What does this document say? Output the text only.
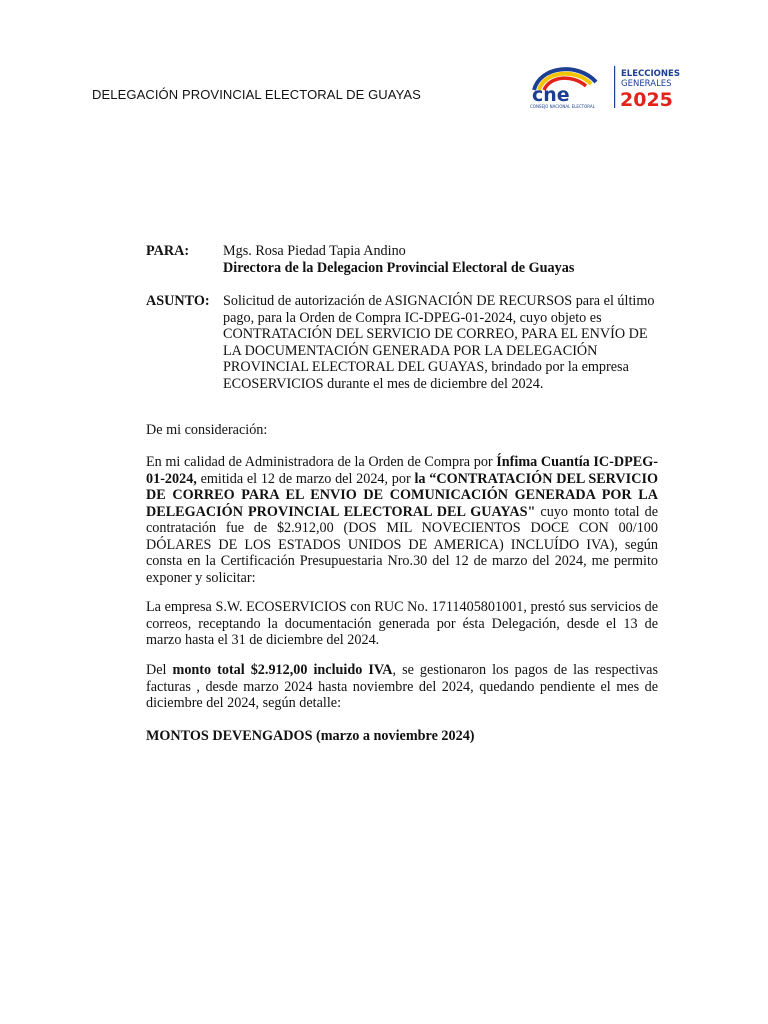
DELEGACIÓN PROVINCIAL ELECTORAL DE GUAYAS	cne
CONSEJO NACIONAL ELECTORAL
ELECCIONES
GENERALES
2025
PARA: Mgs. Rosa Piedad Tapia Andino
Directora de la Delegacion Provincial Electoral de Guayas
ASUNTO: Solicitud de autorización de ASIGNACIÓN DE RECURSOS para el último
pago, para la Orden de Compra IC-DPEG-01-2024, cuyo objeto es
CONTRATACIÓN DEL SERVICIO DE CORREO, PARA EL ENVÍO DE
LA DOCUMENTACIÓN GENERADA POR LA DELEGACIÓN
PROVINCIAL ELECTORAL DEL GUAYAS, brindado por la empresa
ECOSERVICIOS durante el mes de diciembre del 2024.
De mi consideración:
En mi calidad de Administradora de la Orden de Compra por Ínfima Cuantía IC-DPEG-01-2024, emitida el 12 de marzo del 2024, por la “CONTRATACIÓN DEL SERVICIO DE CORREO PARA EL ENVIO DE COMUNICACIÓN GENERADA POR LA DELEGACIÓN PROVINCIAL ELECTORAL DEL GUAYAS" cuyo monto total de contratación fue de $2.912,00 (DOS MIL NOVECIENTOS DOCE CON 00/100 DÓLARES DE LOS ESTADOS UNIDOS DE AMERICA) INCLUÍDO IVA), según consta en la Certificación Presupuestaria Nro.30 del 12 de marzo del 2024, me permito exponer y solicitar:
La empresa S.W. ECOSERVICIOS con RUC No. 1711405801001, prestó sus servicios de correos, receptando la documentación generada por ésta Delegación, desde el 13 de marzo hasta el 31 de diciembre del 2024.
Del monto total $2.912,00 incluido IVA, se gestionaron los pagos de las respectivas facturas , desde marzo 2024 hasta noviembre del 2024, quedando pendiente el mes de diciembre del 2024, según detalle:
MONTOS DEVENGADOS (marzo a noviembre 2024)
